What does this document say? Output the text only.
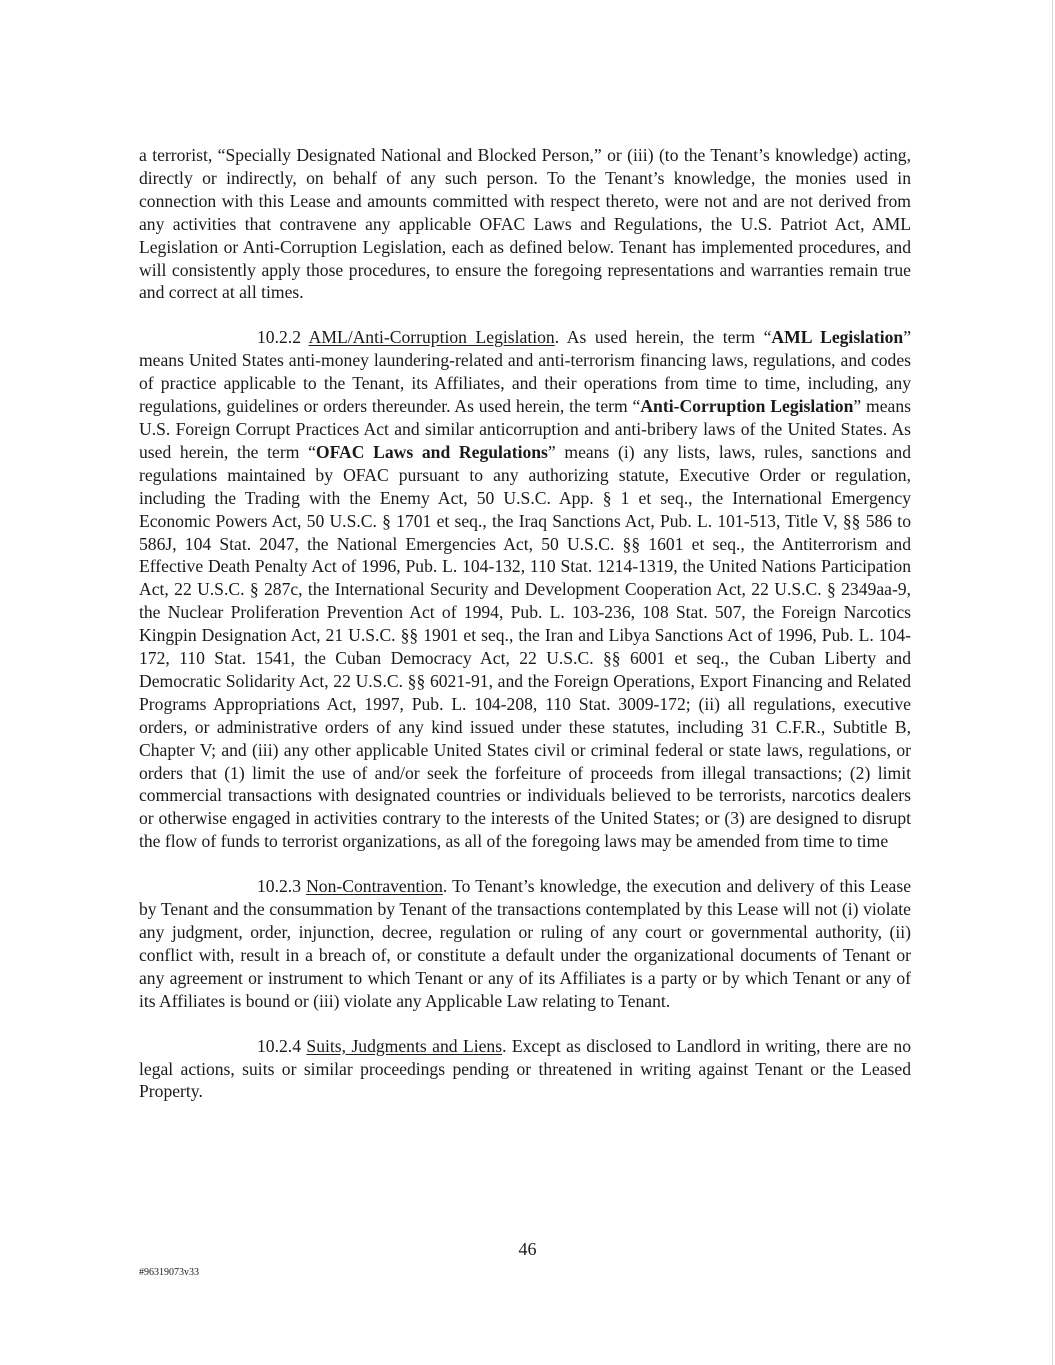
a terrorist, “Specially Designated National and Blocked Person,” or (iii) (to the Tenant’s knowledge) acting, directly or indirectly, on behalf of any such person. To the Tenant’s knowledge, the monies used in connection with this Lease and amounts committed with respect thereto, were not and are not derived from any activities that contravene any applicable OFAC Laws and Regulations, the U.S. Patriot Act, AML Legislation or Anti-Corruption Legislation, each as defined below. Tenant has implemented procedures, and will consistently apply those procedures, to ensure the foregoing representations and warranties remain true and correct at all times.

10.2.2 AML/Anti-Corruption Legislation. As used herein, the term “AML Legislation” means United States anti-money laundering-related and anti-terrorism financing laws, regulations, and codes of practice applicable to the Tenant, its Affiliates, and their operations from time to time, including, any regulations, guidelines or orders thereunder. As used herein, the term “Anti-Corruption Legislation” means U.S. Foreign Corrupt Practices Act and similar anticorruption and anti-bribery laws of the United States. As used herein, the term “OFAC Laws and Regulations” means (i) any lists, laws, rules, sanctions and regulations maintained by OFAC pursuant to any authorizing statute, Executive Order or regulation, including the Trading with the Enemy Act, 50 U.S.C. App. § 1 et seq., the International Emergency Economic Powers Act, 50 U.S.C. § 1701 et seq., the Iraq Sanctions Act, Pub. L. 101-513, Title V, §§ 586 to 586J, 104 Stat. 2047, the National Emergencies Act, 50 U.S.C. §§ 1601 et seq., the Antiterrorism and Effective Death Penalty Act of 1996, Pub. L. 104-132, 110 Stat. 1214-1319, the United Nations Participation Act, 22 U.S.C. § 287c, the International Security and Development Cooperation Act, 22 U.S.C. § 2349aa-9, the Nuclear Proliferation Prevention Act of 1994, Pub. L. 103-236, 108 Stat. 507, the Foreign Narcotics Kingpin Designation Act, 21 U.S.C. §§ 1901 et seq., the Iran and Libya Sanctions Act of 1996, Pub. L. 104-172, 110 Stat. 1541, the Cuban Democracy Act, 22 U.S.C. §§ 6001 et seq., the Cuban Liberty and Democratic Solidarity Act, 22 U.S.C. §§ 6021-91, and the Foreign Operations, Export Financing and Related Programs Appropriations Act, 1997, Pub. L. 104-208, 110 Stat. 3009-172; (ii) all regulations, executive orders, or administrative orders of any kind issued under these statutes, including 31 C.F.R., Subtitle B, Chapter V; and (iii) any other applicable United States civil or criminal federal or state laws, regulations, or orders that (1) limit the use of and/or seek the forfeiture of proceeds from illegal transactions; (2) limit commercial transactions with designated countries or individuals believed to be terrorists, narcotics dealers or otherwise engaged in activities contrary to the interests of the United States; or (3) are designed to disrupt the flow of funds to terrorist organizations, as all of the foregoing laws may be amended from time to time

10.2.3 Non-Contravention. To Tenant’s knowledge, the execution and delivery of this Lease by Tenant and the consummation by Tenant of the transactions contemplated by this Lease will not (i) violate any judgment, order, injunction, decree, regulation or ruling of any court or governmental authority, (ii) conflict with, result in a breach of, or constitute a default under the organizational documents of Tenant or any agreement or instrument to which Tenant or any of its Affiliates is a party or by which Tenant or any of its Affiliates is bound or (iii) violate any Applicable Law relating to Tenant.

10.2.4 Suits, Judgments and Liens. Except as disclosed to Landlord in writing, there are no legal actions, suits or similar proceedings pending or threatened in writing against Tenant or the Leased Property.

46
#96319073v33
